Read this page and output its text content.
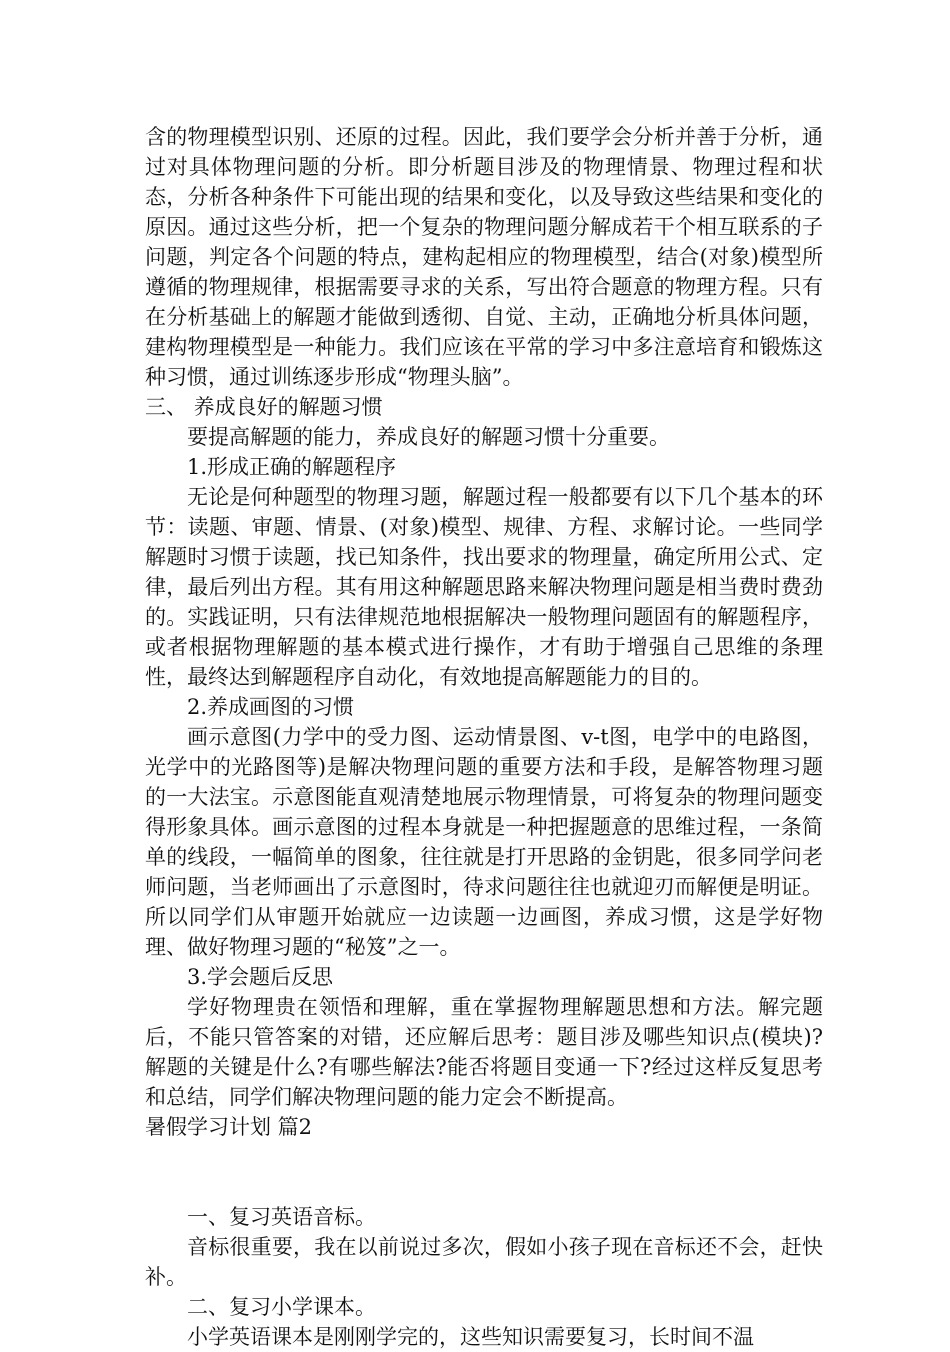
含的物理模型识别、还原的过程。因此，我们要学会分析并善于分析，通过对具体物理问题的分析。即分析题目涉及的物理情景、物理过程和状态，分析各种条件下可能出现的结果和变化，以及导致这些结果和变化的原因。通过这些分析，把一个复杂的物理问题分解成若干个相互联系的子问题，判定各个问题的特点，建构起相应的物理模型，结合(对象)模型所遵循的物理规律，根据需要寻求的关系，写出符合题意的物理方程。只有在分析基础上的解题才能做到透彻、自觉、主动，正确地分析具体问题，建构物理模型是一种能力。我们应该在平常的学习中多注意培育和锻炼这种习惯，通过训练逐步形成“物理头脑”。

三、 养成良好的解题习惯

要提高解题的能力，养成良好的解题习惯十分重要。

1.形成正确的解题程序

无论是何种题型的物理习题，解题过程一般都要有以下几个基本的环节：读题、审题、情景、(对象)模型、规律、方程、求解讨论。一些同学解题时习惯于读题，找已知条件，找出要求的物理量，确定所用公式、定律，最后列出方程。其有用这种解题思路来解决物理问题是相当费时费劲的。实践证明，只有法律规范地根据解决一般物理问题固有的解题程序，或者根据物理解题的基本模式进行操作，才有助于增强自己思维的条理性，最终达到解题程序自动化，有效地提高解题能力的目的。

2.养成画图的习惯

画示意图(力学中的受力图、运动情景图、v-t图，电学中的电路图，光学中的光路图等)是解决物理问题的重要方法和手段，是解答物理习题的一大法宝。示意图能直观清楚地展示物理情景，可将复杂的物理问题变得形象具体。画示意图的过程本身就是一种把握题意的思维过程，一条简单的线段，一幅简单的图象，往往就是打开思路的金钥匙，很多同学问老师问题，当老师画出了示意图时，待求问题往往也就迎刃而解便是明证。所以同学们从审题开始就应一边读题一边画图，养成习惯，这是学好物理、做好物理习题的“秘笈”之一。

3.学会题后反思

学好物理贵在领悟和理解，重在掌握物理解题思想和方法。解完题后，不能只管答案的对错，还应解后思考：题目涉及哪些知识点(模块)?解题的关键是什么?有哪些解法?能否将题目变通一下?经过这样反复思考和总结，同学们解决物理问题的能力定会不断提高。

暑假学习计划 篇2

一、复习英语音标。

音标很重要，我在以前说过多次，假如小孩子现在音标还不会，赶快补。

二、复习小学课本。

小学英语课本是刚刚学完的，这些知识需要复习，长时间不温
